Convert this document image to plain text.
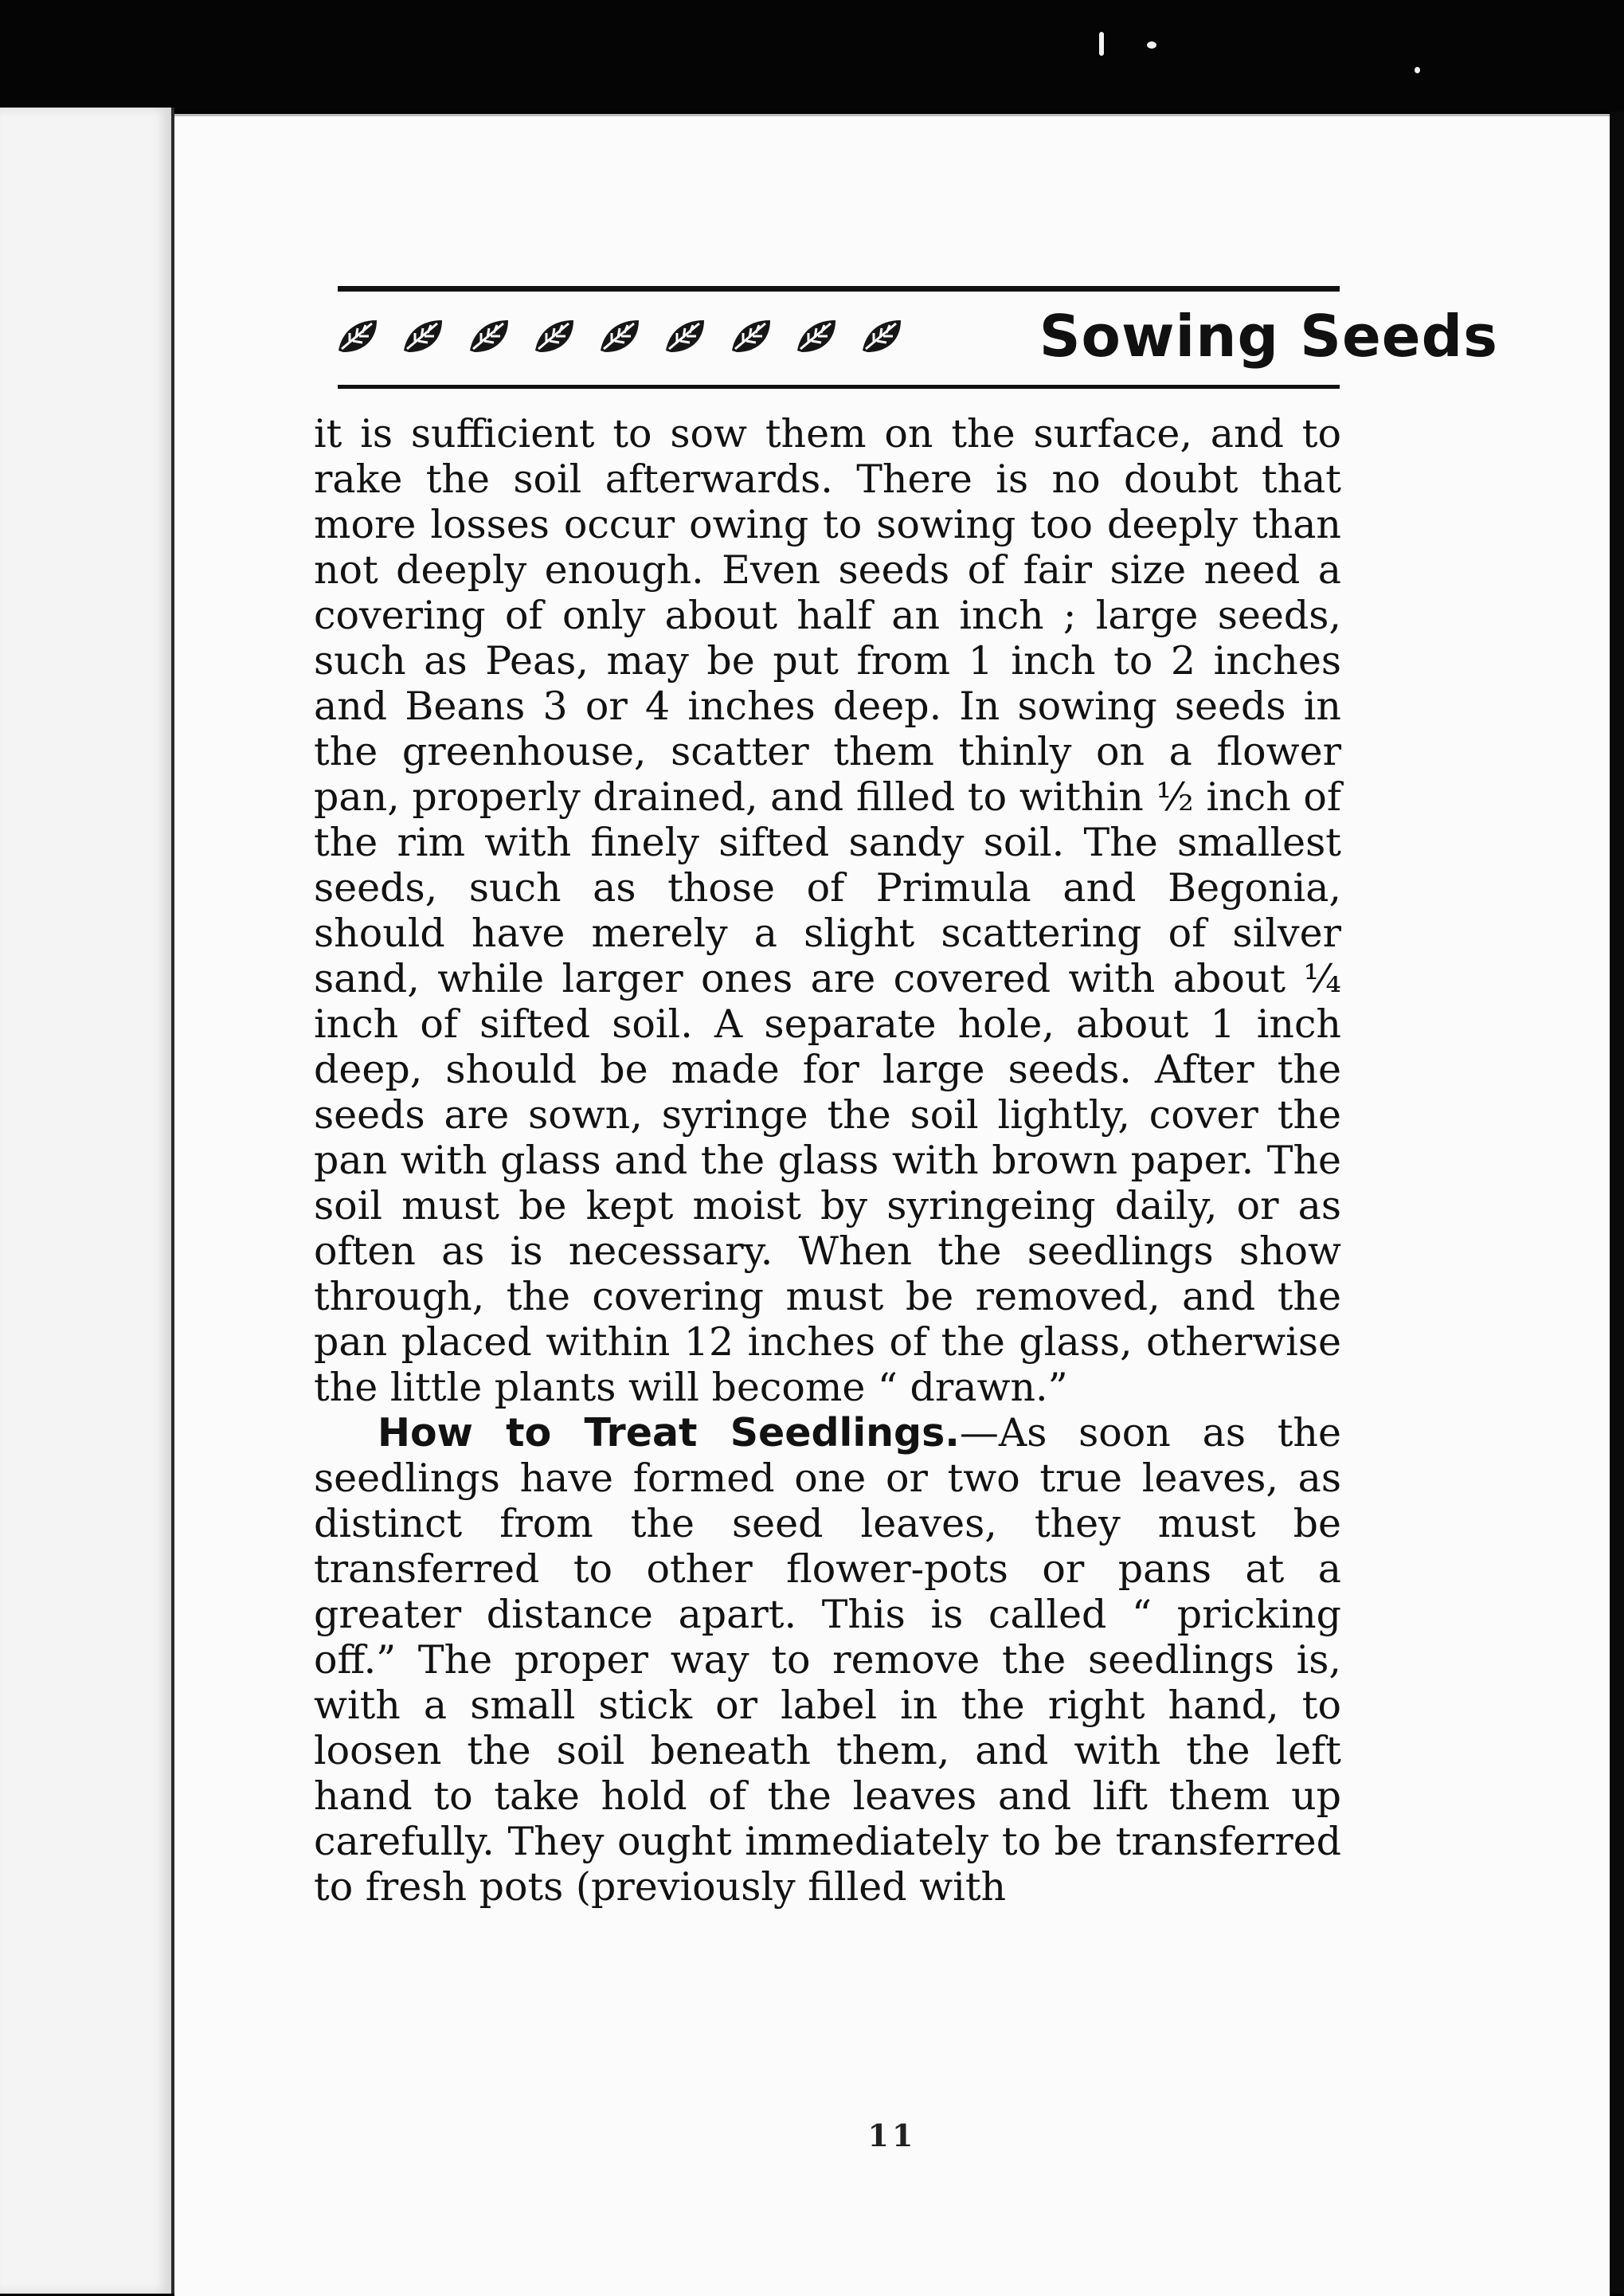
Sowing Seeds

it is sufficient to sow them on the surface, and to rake the soil afterwards. There is no doubt that more losses occur owing to sowing too deeply than not deeply enough. Even seeds of fair size need a covering of only about half an inch ; large seeds, such as Peas, may be put from 1 inch to 2 inches and Beans 3 or 4 inches deep. In sowing seeds in the greenhouse, scatter them thinly on a flower pan, properly drained, and filled to within ½ inch of the rim with finely sifted sandy soil. The smallest seeds, such as those of Primula and Begonia, should have merely a slight scattering of silver sand, while larger ones are covered with about ¼ inch of sifted soil. A separate hole, about 1 inch deep, should be made for large seeds. After the seeds are sown, syringe the soil lightly, cover the pan with glass and the glass with brown paper. The soil must be kept moist by syringeing daily, or as often as is necessary. When the seedlings show through, the covering must be removed, and the pan placed within 12 inches of the glass, otherwise the little plants will become “ drawn.”

How to Treat Seedlings.—As soon as the seedlings have formed one or two true leaves, as distinct from the seed leaves, they must be transferred to other flower-pots or pans at a greater distance apart. This is called “ pricking off.” The proper way to remove the seedlings is, with a small stick or label in the right hand, to loosen the soil beneath them, and with the left hand to take hold of the leaves and lift them up carefully. They ought immediately to be transferred to fresh pots (previously filled with

11
